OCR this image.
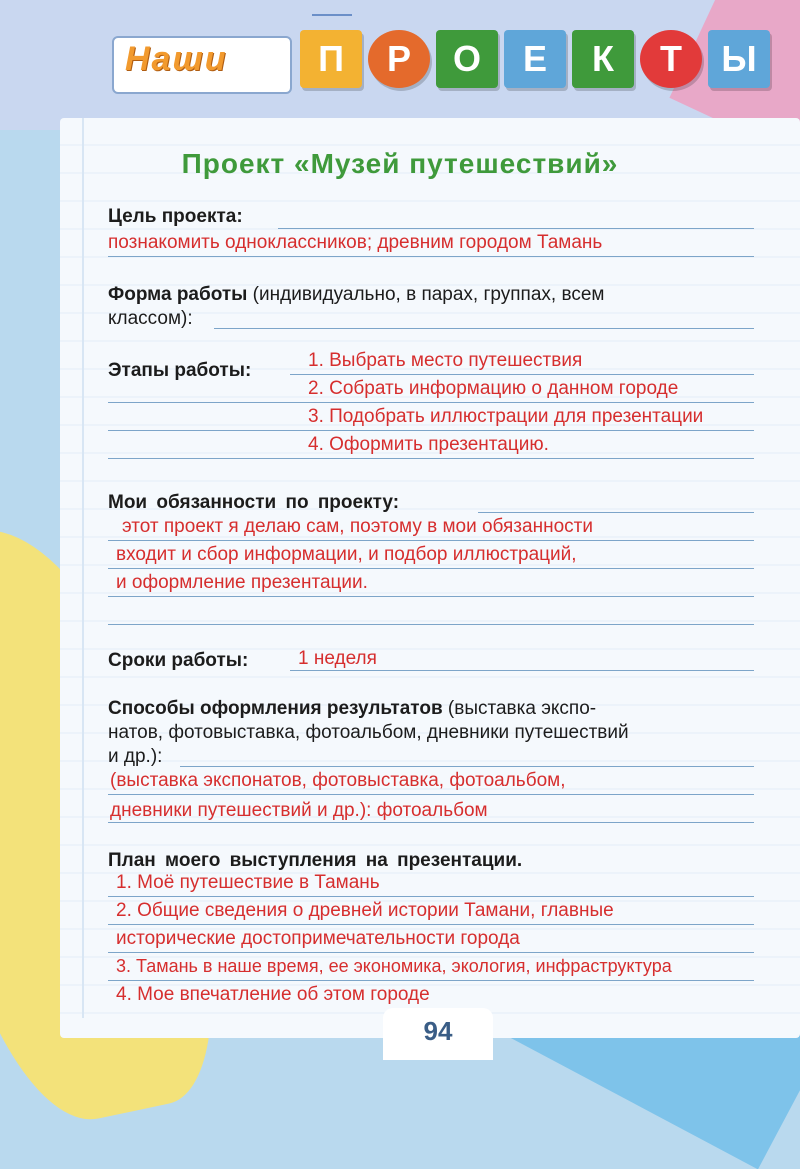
Наши	П	Р	О	Е	К	Т	Ы
Проект «Музей путешествий»
Цель проекта:
познакомить одноклассников; древним городом Тамань
Форма работы (индивидуально, в парах, группах, всем
классом):
Этапы работы:	1. Выбрать место путешествия
2. Собрать информацию о данном городе
3. Подобрать иллюстрации для презентации
4. Оформить презентацию.
Мои обязанности по проекту:
этот проект я делаю сам, поэтому в мои обязанности
входит и сбор информации, и подбор иллюстраций,
и оформление презентации.
Сроки работы:	1 неделя
Способы оформления результатов (выставка экспо-
натов, фотовыставка, фотоальбом, дневники путешествий
и др.):
(выставка экспонатов, фотовыставка, фотоальбом,
дневники путешествий и др.): фотоальбом
План моего выступления на презентации.
1. Моё путешествие в Тамань
2. Общие сведения о древней истории Тамани, главные
исторические достопримечательности города
3. Тамань в наше время, ее экономика, экология, инфраструктура
4. Мое впечатление об этом городе
94
